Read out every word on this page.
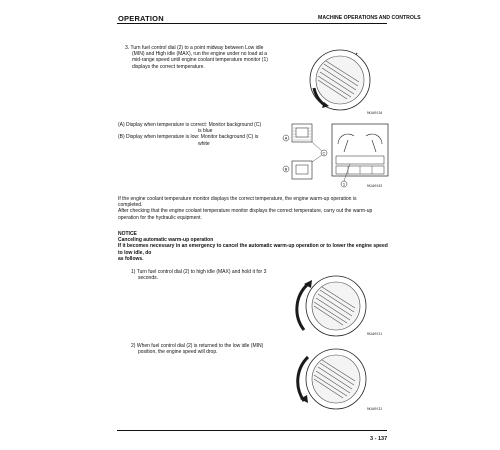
OPERATION	MACHINE OPERATIONS AND CONTROLS
3. Turn fuel control dial (2) to a point midway between Low idle
(MIN) and High idle (MAX), run the engine under no load at a
mid-range speed until engine coolant temperature monitor (1)
displays the correct temperature.
✦
RKA09130
(A) Display when temperature is correct: Monitor background (C)
is blue
(B) Display when temperature is low: Monitor background (C) is
white
A
B
C
1	RKA09183
If the engine coolant temperature monitor displays the correct temperature, the engine warm-up operation is
completed.
After checking that the engine coolant temperature monitor displays the correct temperature, carry out the warm-up
operation for the hydraulic equipment.
NOTICE
Canceling automatic warm-up operation
If it becomes necessary in an emergency to cancel the automatic warm-up operation or to lower the engine speed to low idle, do
as follows.
1) Turn fuel control dial (2) to high idle (MAX) and hold it for 3
seconds.
RKA09131
2) When fuel control dial (2) is returned to the low idle (MIN)
position, the engine speed will drop.
RKA09132
3 - 137
